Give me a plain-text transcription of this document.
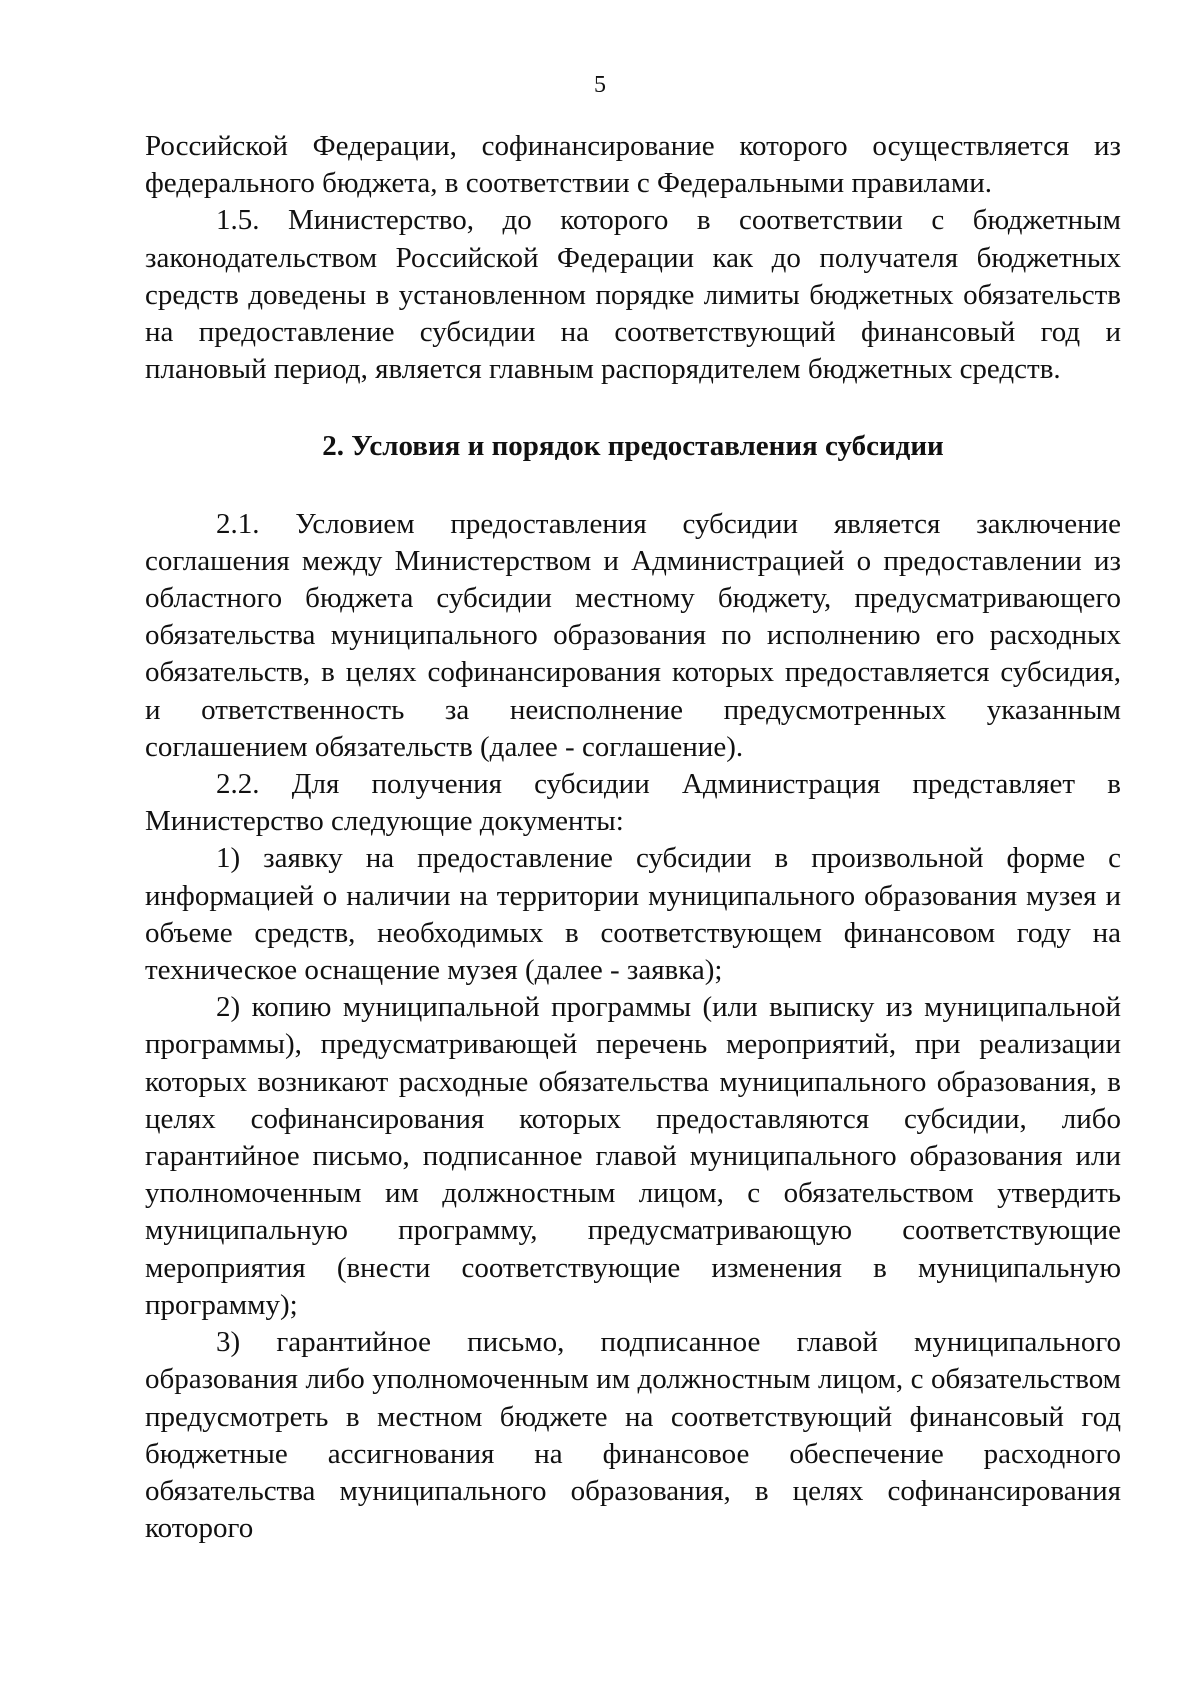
5

Российской Федерации, софинансирование которого осуществляется из федерального бюджета, в соответствии с Федеральными правилами.

1.5. Министерство, до которого в соответствии с бюджетным законодательством Российской Федерации как до получателя бюджетных средств доведены в установленном порядке лимиты бюджетных обязательств на предоставление субсидии на соответствующий финансовый год и плановый период, является главным распорядителем бюджетных средств.

2. Условия и порядок предоставления субсидии

2.1. Условием предоставления субсидии является заключение соглашения между Министерством и Администрацией о предоставлении из областного бюджета субсидии местному бюджету, предусматривающего обязательства муниципального образования по исполнению его расходных обязательств, в целях софинансирования которых предоставляется субсидия, и ответственность за неисполнение предусмотренных указанным соглашением обязательств (далее - соглашение).

2.2. Для получения субсидии Администрация представляет в Министерство следующие документы:

1) заявку на предоставление субсидии в произвольной форме с информацией о наличии на территории муниципального образования музея и объеме средств, необходимых в соответствующем финансовом году на техническое оснащение музея (далее - заявка);

2) копию муниципальной программы (или выписку из муниципальной программы), предусматривающей перечень мероприятий, при реализации которых возникают расходные обязательства муниципального образования, в целях софинансирования которых предоставляются субсидии, либо гарантийное письмо, подписанное главой муниципального образования или уполномоченным им должностным лицом, с обязательством утвердить муниципальную программу, предусматривающую соответствующие мероприятия (внести соответствующие изменения в муниципальную программу);

3) гарантийное письмо, подписанное главой муниципального образования либо уполномоченным им должностным лицом, с обязательством предусмотреть в местном бюджете на соответствующий финансовый год бюджетные ассигнования на финансовое обеспечение расходного обязательства муниципального образования, в целях софинансирования которого
